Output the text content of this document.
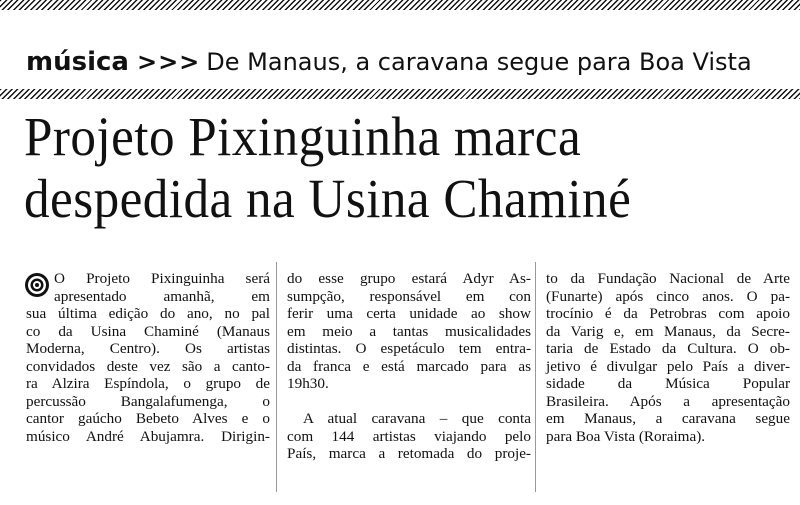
música >>> De Manaus, a caravana segue para Boa Vista
Projeto Pixinguinha marca
despedida na Usina Chaminé
O Projeto Pixinguinha será
apresentado amanhã, em
sua última edição do ano, no pal
co da Usina Chaminé (Manaus
Moderna, Centro). Os artistas
convidados deste vez são a canto-
ra Alzira Espíndola, o grupo de
percussão Bangalafumenga, o
cantor gaúcho Bebeto Alves e o
músico André Abujamra. Dirigin-
do esse grupo estará Adyr As-
sumpção, responsável em con
ferir uma certa unidade ao show
em meio a tantas musicalidades
distintas. O espetáculo tem entra-
da franca e está marcado para as
19h30.
A atual caravana – que conta
com 144 artistas viajando pelo
País, marca a retomada do proje-
to da Fundação Nacional de Arte
(Funarte) após cinco anos. O pa-
trocínio é da Petrobras com apoio
da Varig e, em Manaus, da Secre-
taria de Estado da Cultura. O ob-
jetivo é divulgar pelo País a diver-
sidade da Música Popular
Brasileira. Após a apresentação
em Manaus, a caravana segue
para Boa Vista (Roraima).
